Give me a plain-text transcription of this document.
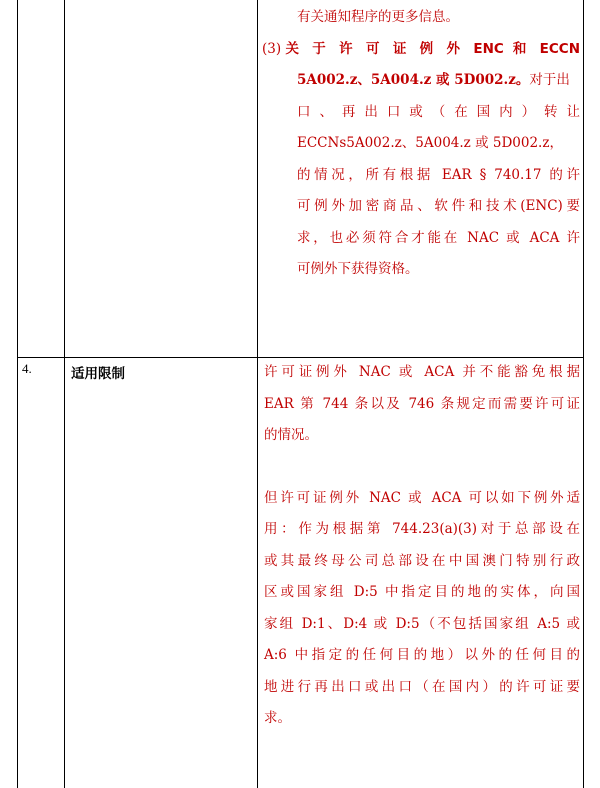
有关通知程序的更多信息。

(3)关 于 许 可 证 例 外 ENC 和 ECCN

5A002.z、5A004.z 或 5D002.z。对于出

口 、 再 出 口 或 （ 在 国 内 ） 转 让

ECCNs5A002.z、5A004.z 或 5D002.z，

的情况，所有根据 EAR § 740.17 的许

可例外加密商品、软件和技术(ENC)要

求，也必须符合才能在 NAC 或 ACA 许

可例外下获得资格。

4.	适用限制	许可证例外 NAC 或 ACA 并不能豁免根据

EAR 第 744 条以及 746 条规定而需要许可证

的情况。

但许可证例外 NAC 或 ACA 可以如下例外适

用：作为根据第 744.23(a)(3)对于总部设在

或其最终母公司总部设在中国澳门特别行政

区或国家组 D:5 中指定目的地的实体，向国

家组 D:1、D:4 或 D:5（不包括国家组 A:5 或

A:6 中指定的任何目的地）以外的任何目的

地进行再出口或出口（在国内）的许可证要

求。
